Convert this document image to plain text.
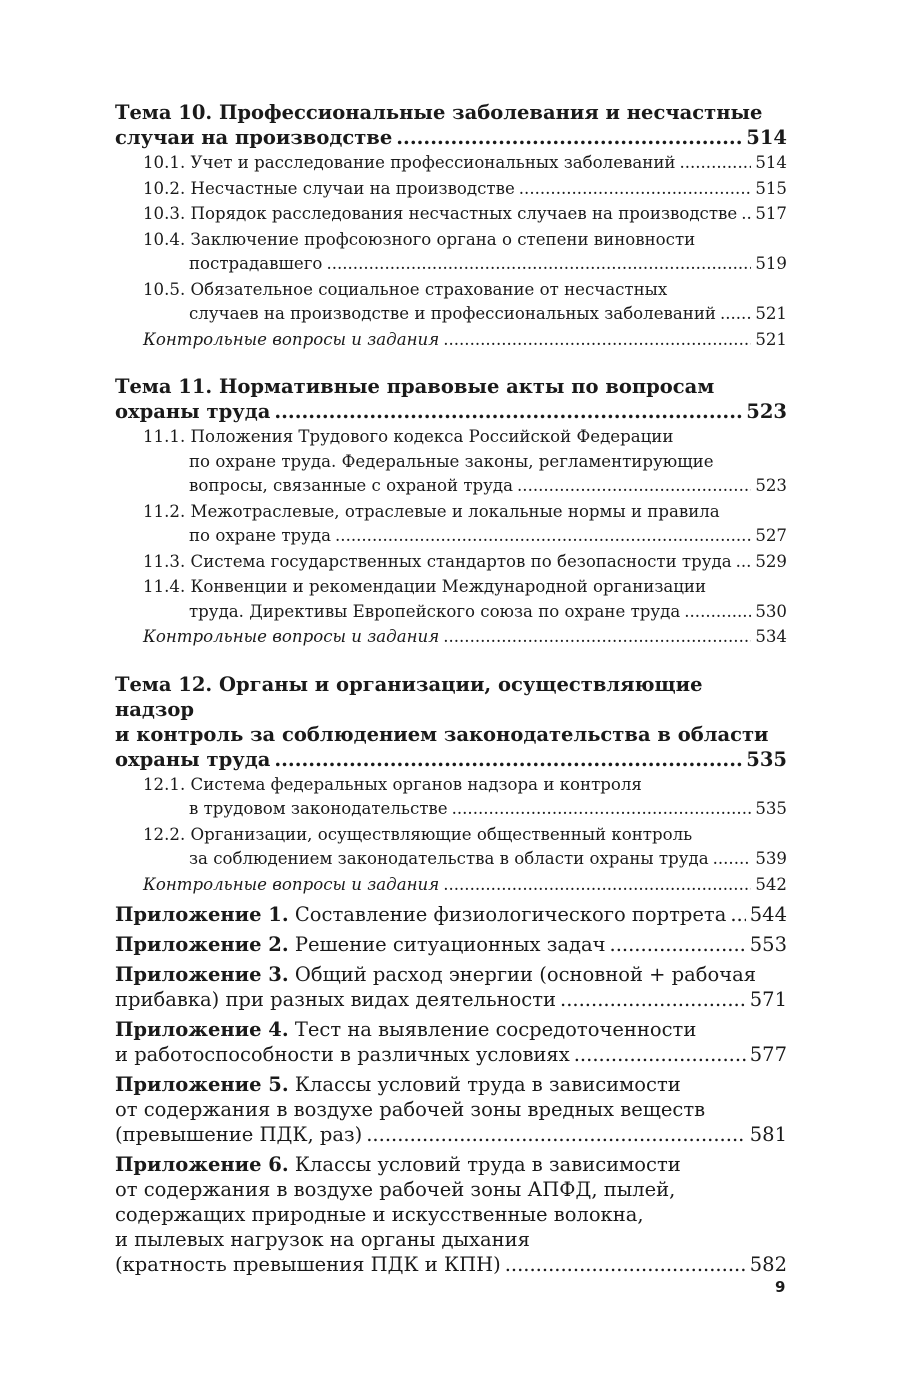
Тема 10. Профессиональные заболевания и несчастные
случаи на производстве .....	514
10.1. Учет и расследование профессиональных заболеваний .....	514
10.2. Несчастные случаи на производстве .....	515
10.3. Порядок расследования несчастных случаев на производстве ..... 517
10.4. Заключение профсоюзного органа о степени виновности
пострадавшего .....	519
10.5. Обязательное социальное страхование от несчастных
случаев на производстве и профессиональных заболеваний ..... 521
Контрольные вопросы и задания .....	521
Тема 11. Нормативные правовые акты по вопросам
охраны труда .....	523
11.1. Положения Трудового кодекса Российской Федерации
по охране труда. Федеральные законы, регламентирующие
вопросы, связанные с охраной труда .....	523
11.2. Межотраслевые, отраслевые и локальные нормы и правила
по охране труда .....	527
11.3. Система государственных стандартов по безопасности труда ..... 529
11.4. Конвенции и рекомендации Международной организации
труда. Директивы Европейского союза по охране труда .....	530
Контрольные вопросы и задания .....	534
Тема 12. Органы и организации, осуществляющие надзор
и контроль за соблюдением законодательства в области
охраны труда .....	535
12.1. Система федеральных органов надзора и контроля
в трудовом законодательстве .....	535
12.2. Организации, осуществляющие общественный контроль
за соблюдением законодательства в области охраны труда .....	539
Контрольные вопросы и задания .....	542
Приложение 1. Составление физиологического портрета ..... 544
Приложение 2. Решение ситуационных задач .....	553
Приложение 3. Общий расход энергии (основной + рабочая
прибавка) при разных видах деятельности .....	571
Приложение 4. Тест на выявление сосредоточенности
и работоспособности в различных условиях .....	577
Приложение 5. Классы условий труда в зависимости
от содержания в воздухе рабочей зоны вредных веществ
(превышение ПДК, раз) .....	581
Приложение 6. Классы условий труда в зависимости
от содержания в воздухе рабочей зоны АПФД, пылей,
содержащих природные и искусственные волокна,
и пылевых нагрузок на органы дыхания
(кратность превышения ПДК и КПН) .....	582
9
